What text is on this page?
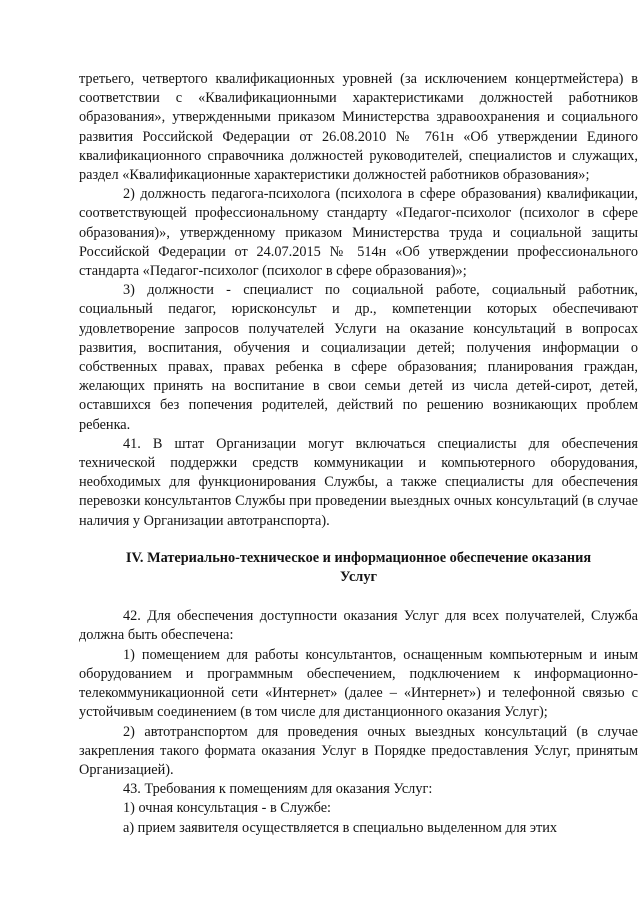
третьего, четвертого квалификационных уровней (за исключением концертмейстера) в соответствии с «Квалификационными характеристиками должностей работников образования», утвержденными приказом Министерства здравоохранения и социального развития Российской Федерации от 26.08.2010 № 761н «Об утверждении Единого квалификационного справочника должностей руководителей, специалистов и служащих, раздел «Квалификационные характеристики должностей работников образования»;

2) должность педагога-психолога (психолога в сфере образования) квалификации, соответствующей профессиональному стандарту «Педагог-психолог (психолог в сфере образования)», утвержденному приказом Министерства труда и социальной защиты Российской Федерации от 24.07.2015 № 514н «Об утверждении профессионального стандарта «Педагог-психолог (психолог в сфере образования)»;

3) должности - специалист по социальной работе, социальный работник, социальный педагог, юрисконсульт и др., компетенции которых обеспечивают удовлетворение запросов получателей Услуги на оказание консультаций в вопросах развития, воспитания, обучения и социализации детей; получения информации о собственных правах, правах ребенка в сфере образования; планирования граждан, желающих принять на воспитание в свои семьи детей из числа детей-сирот, детей, оставшихся без попечения родителей, действий по решению возникающих проблем ребенка.

41. В штат Организации могут включаться специалисты для обеспечения технической поддержки средств коммуникации и компьютерного оборудования, необходимых для функционирования Службы, а также специалисты для обеспечения перевозки консультантов Службы при проведении выездных очных консультаций (в случае наличия у Организации автотранспорта).

IV. Материально-техническое и информационное обеспечение оказания Услуг

42. Для обеспечения доступности оказания Услуг для всех получателей, Служба должна быть обеспечена:

1) помещением для работы консультантов, оснащенным компьютерным и иным оборудованием и программным обеспечением, подключением к информационно-телекоммуникационной сети «Интернет» (далее – «Интернет») и телефонной связью с устойчивым соединением (в том числе для дистанционного оказания Услуг);

2) автотранспортом для проведения очных выездных консультаций (в случае закрепления такого формата оказания Услуг в Порядке предоставления Услуг, принятым Организацией).

43. Требования к помещениям для оказания Услуг:

1) очная консультация - в Службе:

а) прием заявителя осуществляется в специально выделенном для этих
